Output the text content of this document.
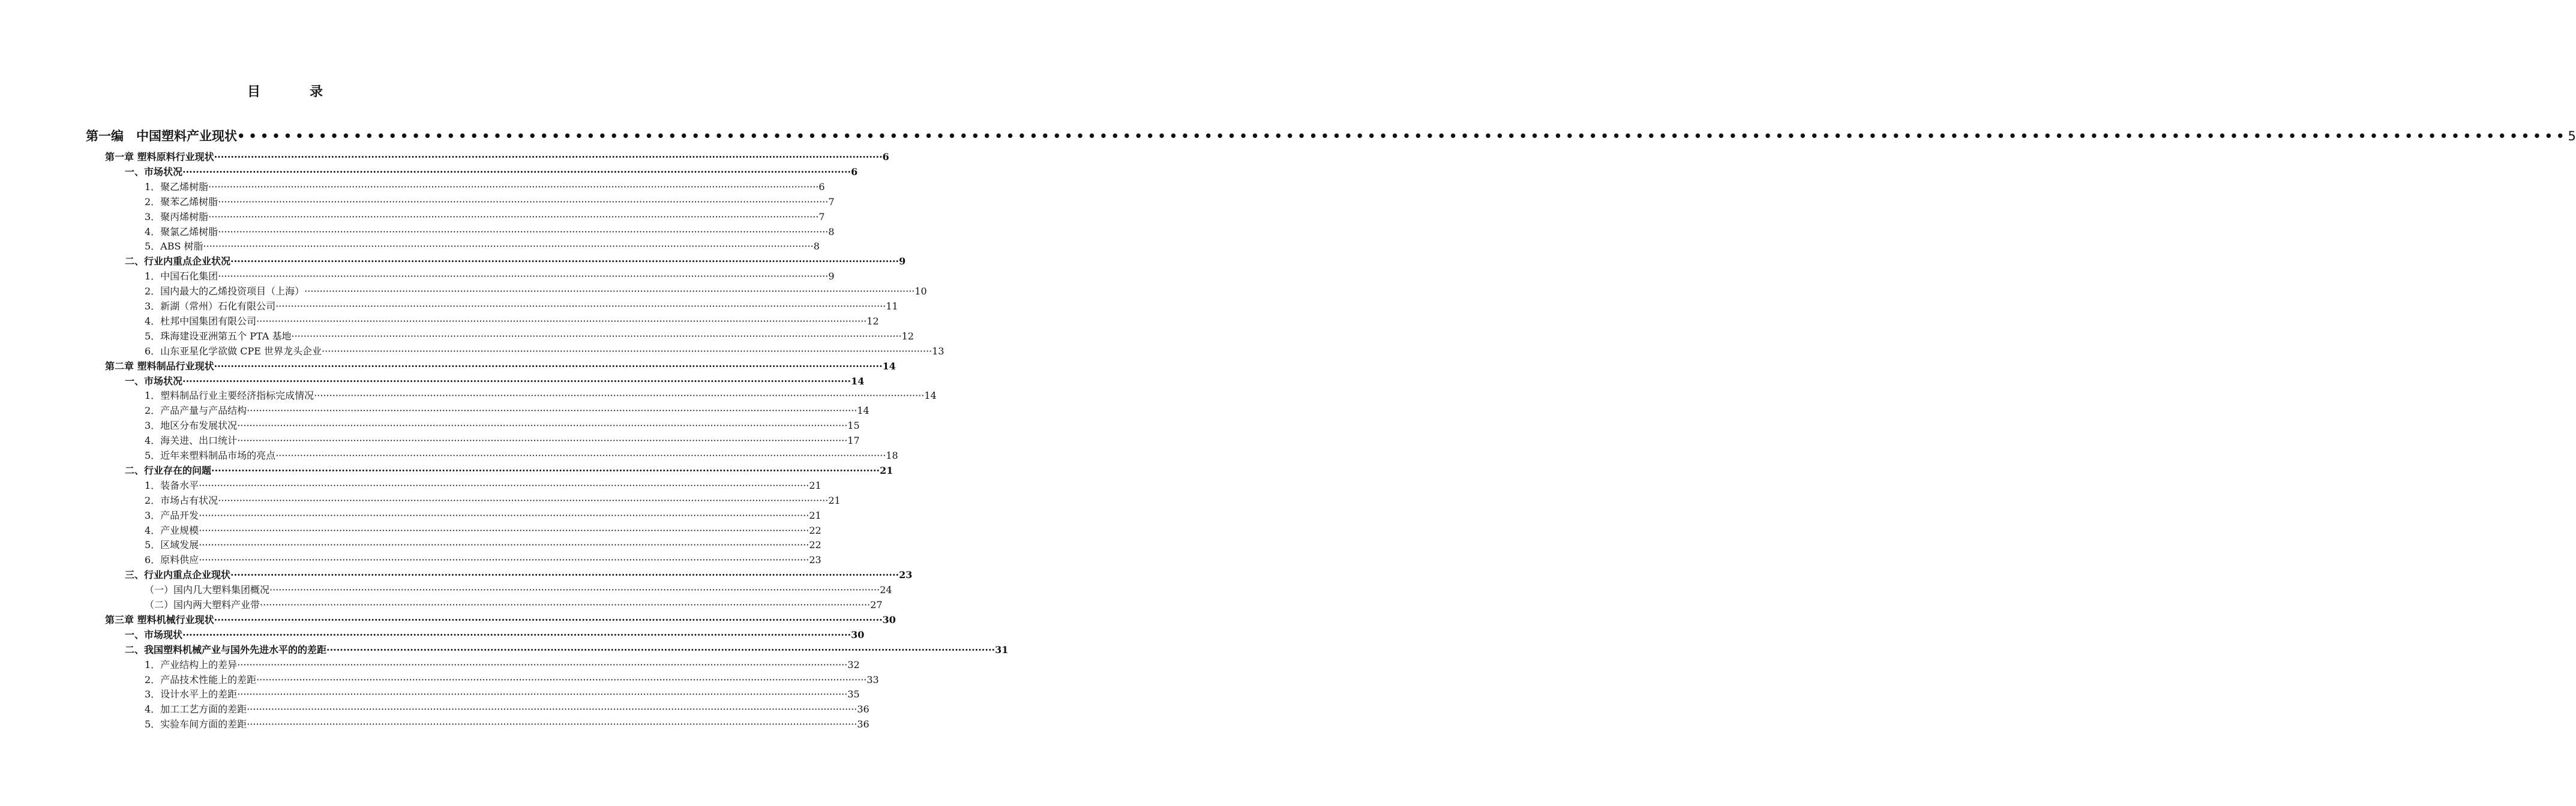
目　录
第一编　中国塑料产业现状 •••••••••••••••••••••••••••••••••••••••••••••••••••••••••••••••••••••••••••••••••••••••••••••••••••••••••••••••••••••••••••••••••••••••••••••••••••••••••••••••••••••••••••••••••••••••••••••••••••••••• 5
第一章 塑料原料行业现状 ········································································································································································································ 6
一、市场状况 ········································································································································································································ 6
1．聚乙烯树脂 ········································································································································································································ 6
2．聚苯乙烯树脂 ········································································································································································································ 7
3．聚丙烯树脂 ········································································································································································································ 7
4．聚氯乙烯树脂 ········································································································································································································ 8
5．ABS 树脂 ········································································································································································································ 8
二、行业内重点企业状况 ········································································································································································································ 9
1．中国石化集团 ········································································································································································································ 9
2．国内最大的乙烯投资项目（上海） ········································································································································································································ 10
3．新湖（常州）石化有限公司 ········································································································································································································ 11
4．杜邦中国集团有限公司 ········································································································································································································ 12
5．珠海建设亚洲第五个 PTA 基地 ········································································································································································································ 12
6．山东亚星化学欲做 CPE 世界龙头企业 ········································································································································································································ 13
第二章 塑料制品行业现状 ········································································································································································································ 14
一、市场状况 ········································································································································································································ 14
1．塑料制品行业主要经济指标完成情况 ········································································································································································································ 14
2．产品产量与产品结构 ········································································································································································································ 14
3．地区分布发展状况 ········································································································································································································ 15
4．海关进、出口统计 ········································································································································································································ 17
5．近年来塑料制品市场的亮点 ········································································································································································································ 18
二、行业存在的问题 ········································································································································································································ 21
1．装备水平 ········································································································································································································ 21
2．市场占有状况 ········································································································································································································ 21
3．产品开发 ········································································································································································································ 21
4．产业规模 ········································································································································································································ 22
5．区域发展 ········································································································································································································ 22
6．原料供应 ········································································································································································································ 23
三、行业内重点企业现状 ········································································································································································································ 23
（一）国内几大塑料集团概况 ········································································································································································································ 24
（二）国内两大塑料产业带 ········································································································································································································ 27
第三章 塑料机械行业现状 ········································································································································································································ 30
一、市场现状 ········································································································································································································ 30
二、我国塑料机械产业与国外先进水平的的差距 ········································································································································································································ 31
1．产业结构上的差异 ········································································································································································································ 32
2．产品技术性能上的差距 ········································································································································································································ 33
3．设计水平上的差距 ········································································································································································································ 35
4．加工工艺方面的差距 ········································································································································································································ 36
5．实验车间方面的差距 ········································································································································································································ 36
